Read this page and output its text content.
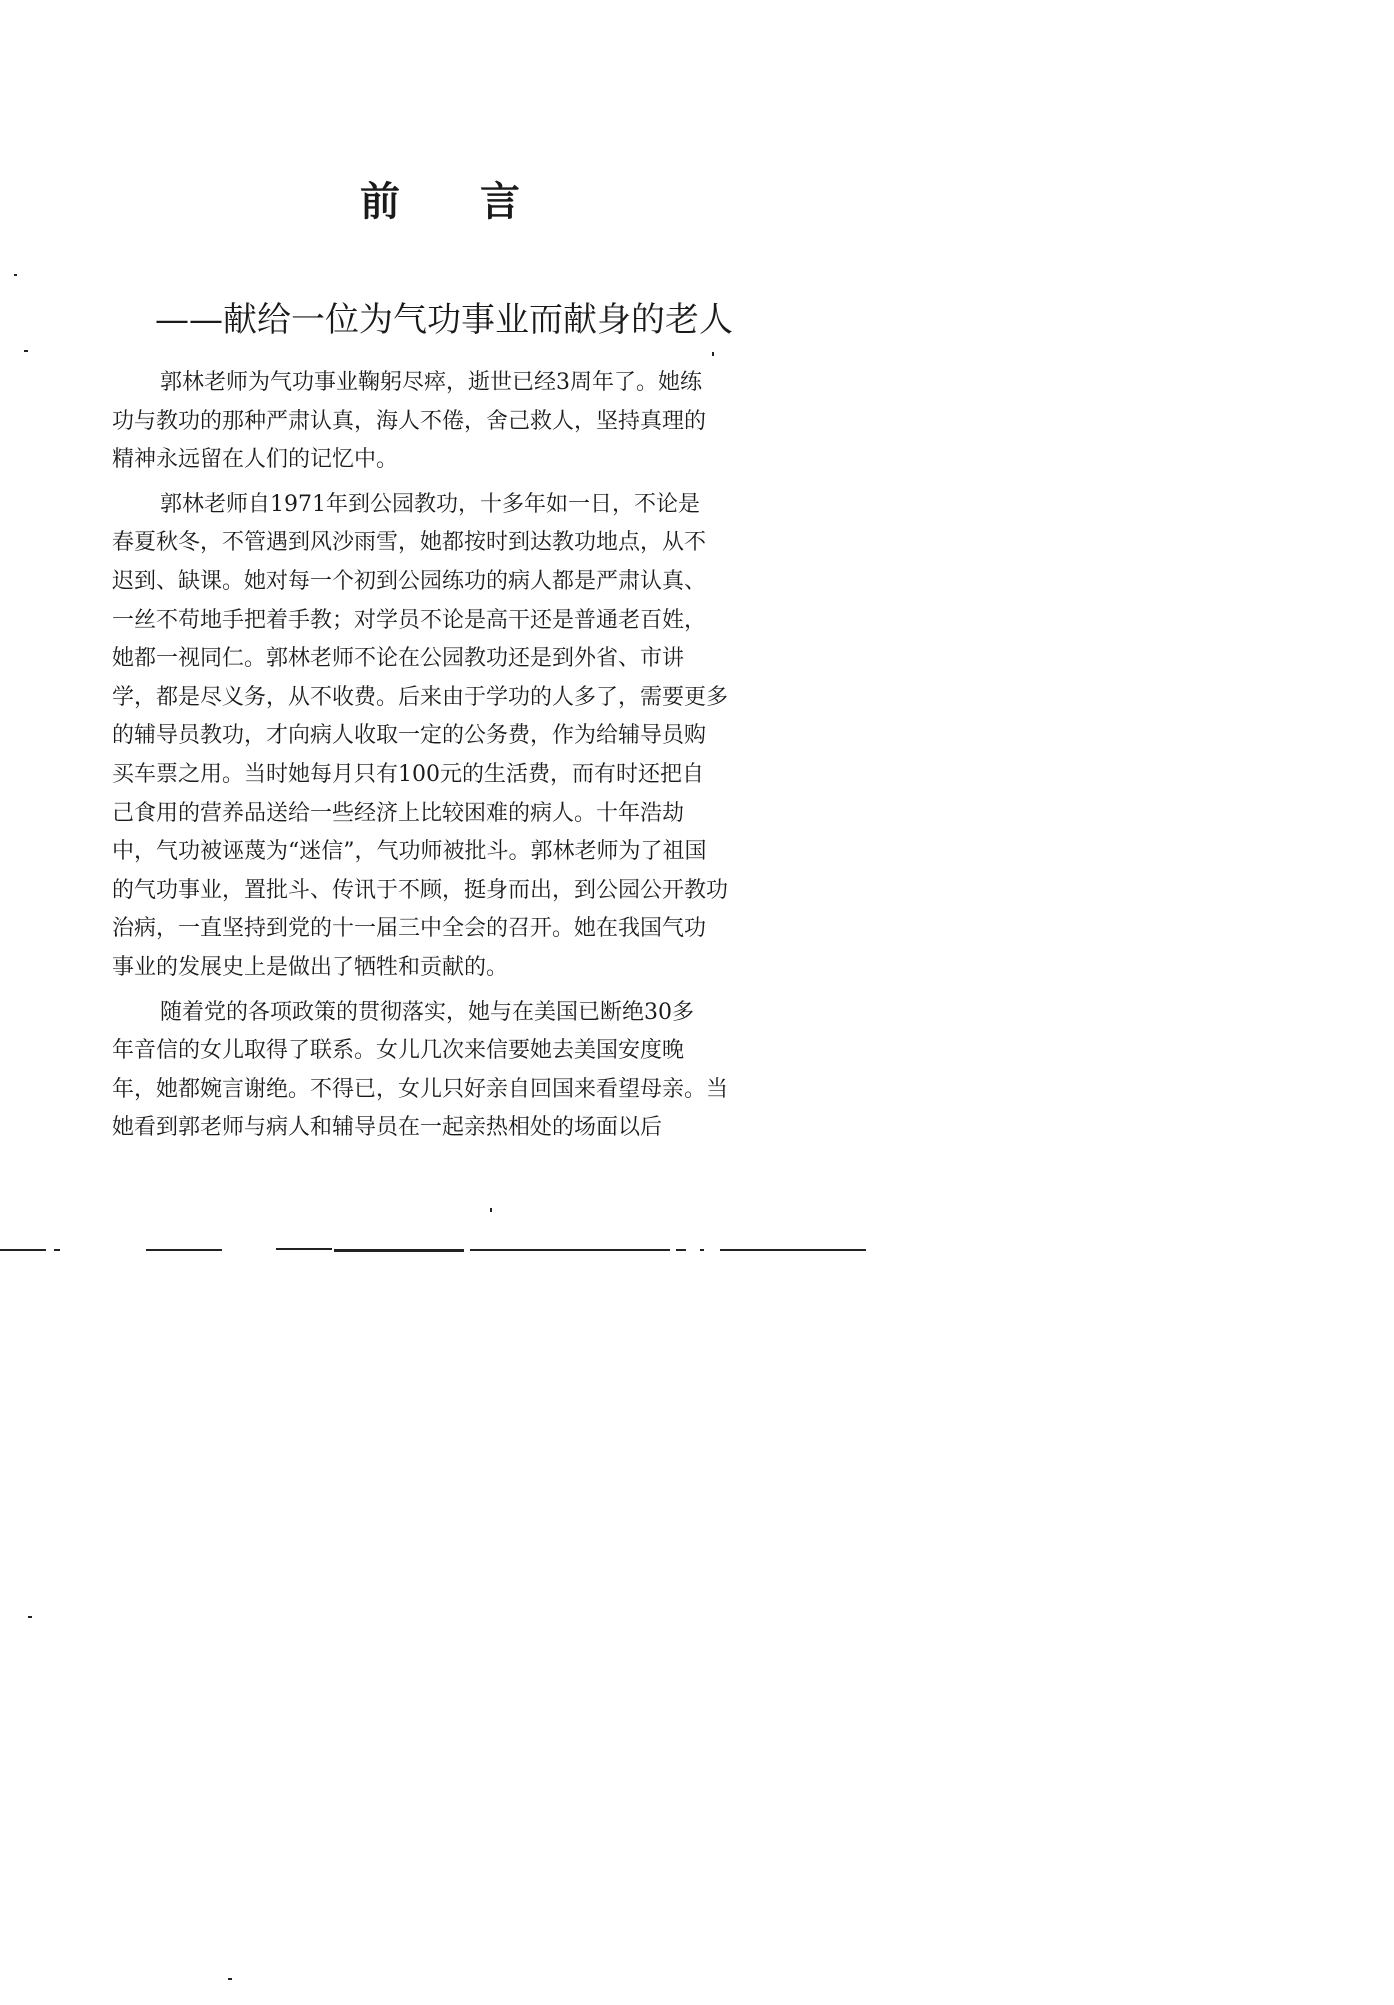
前 言
——献给一位为气功事业而献身的老人

郭林老师为气功事业鞠躬尽瘁，逝世已经3周年了。她练
功与教功的那种严肃认真，海人不倦，舍己救人，坚持真理的
精神永远留在人们的记忆中。

郭林老师自1971年到公园教功，十多年如一日，不论是
春夏秋冬，不管遇到风沙雨雪，她都按时到达教功地点，从不
迟到、缺课。她对每一个初到公园练功的病人都是严肃认真、
一丝不苟地手把着手教；对学员不论是高干还是普通老百姓，
她都一视同仁。郭林老师不论在公园教功还是到外省、市讲
学，都是尽义务，从不收费。后来由于学功的人多了，需要更多
的辅导员教功，才向病人收取一定的公务费，作为给辅导员购
买车票之用。当时她每月只有100元的生活费，而有时还把自
己食用的营养品送给一些经济上比较困难的病人。十年浩劫
中，气功被诬蔑为“迷信”，气功师被批斗。郭林老师为了祖国
的气功事业，置批斗、传讯于不顾，挺身而出，到公园公开教功
治病，一直坚持到党的十一届三中全会的召开。她在我国气功
事业的发展史上是做出了牺牲和贡献的。

随着党的各项政策的贯彻落实，她与在美国已断绝30多
年音信的女儿取得了联系。女儿几次来信要她去美国安度晚
年，她都婉言谢绝。不得已，女儿只好亲自回国来看望母亲。当
她看到郭老师与病人和辅导员在一起亲热相处的场面以后
